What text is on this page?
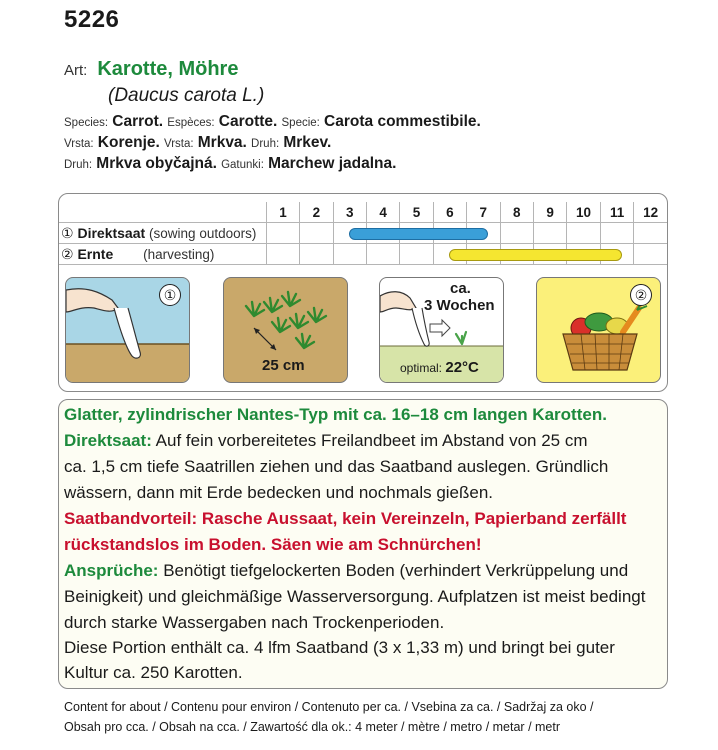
5226
Art: Karotte, Möhre
(Daucus carota L.)
Species: Carrot. Espèces: Carotte. Specie: Carota commestibile.
Vrsta: Korenje. Vrsta: Mrkva. Druh: Mrkev.
Druh: Mrkva obyčajná. Gatunki: Marchew jadalna.
	1	2	3	4	5	6	7	8	9	10	11	12
① Direktsaat (sowing outdoors)												
② Ernte (harvesting)												
①
25 cm
ca.
3 Wochen
optimal: 22°C
②
Glatter, zylindrischer Nantes-Typ mit ca. 16–18 cm langen Karotten.
Direktsaat: Auf fein vorbereitetes Freilandbeet im Abstand von 25 cm
ca. 1,5 cm tiefe Saatrillen ziehen und das Saatband auslegen. Gründlich
wässern, dann mit Erde bedecken und nochmals gießen.
Saatbandvorteil: Rasche Aussaat, kein Vereinzeln, Papierband zerfällt
rückstandslos im Boden. Säen wie am Schnürchen!
Ansprüche: Benötigt tiefgelockerten Boden (verhindert Verkrüppelung und
Beinigkeit) und gleichmäßige Wasserversorgung. Aufplatzen ist meist bedingt
durch starke Wassergaben nach Trockenperioden.
Diese Portion enthält ca. 4 lfm Saatband (3 x 1,33 m) und bringt bei guter
Kultur ca. 250 Karotten.
Content for about / Contenu pour environ / Contenuto per ca. / Vsebina za ca. / Sadržaj za oko /
Obsah pro cca. / Obsah na cca. / Zawartość dla ok.: 4 meter / mètre / metro / metar / metr
